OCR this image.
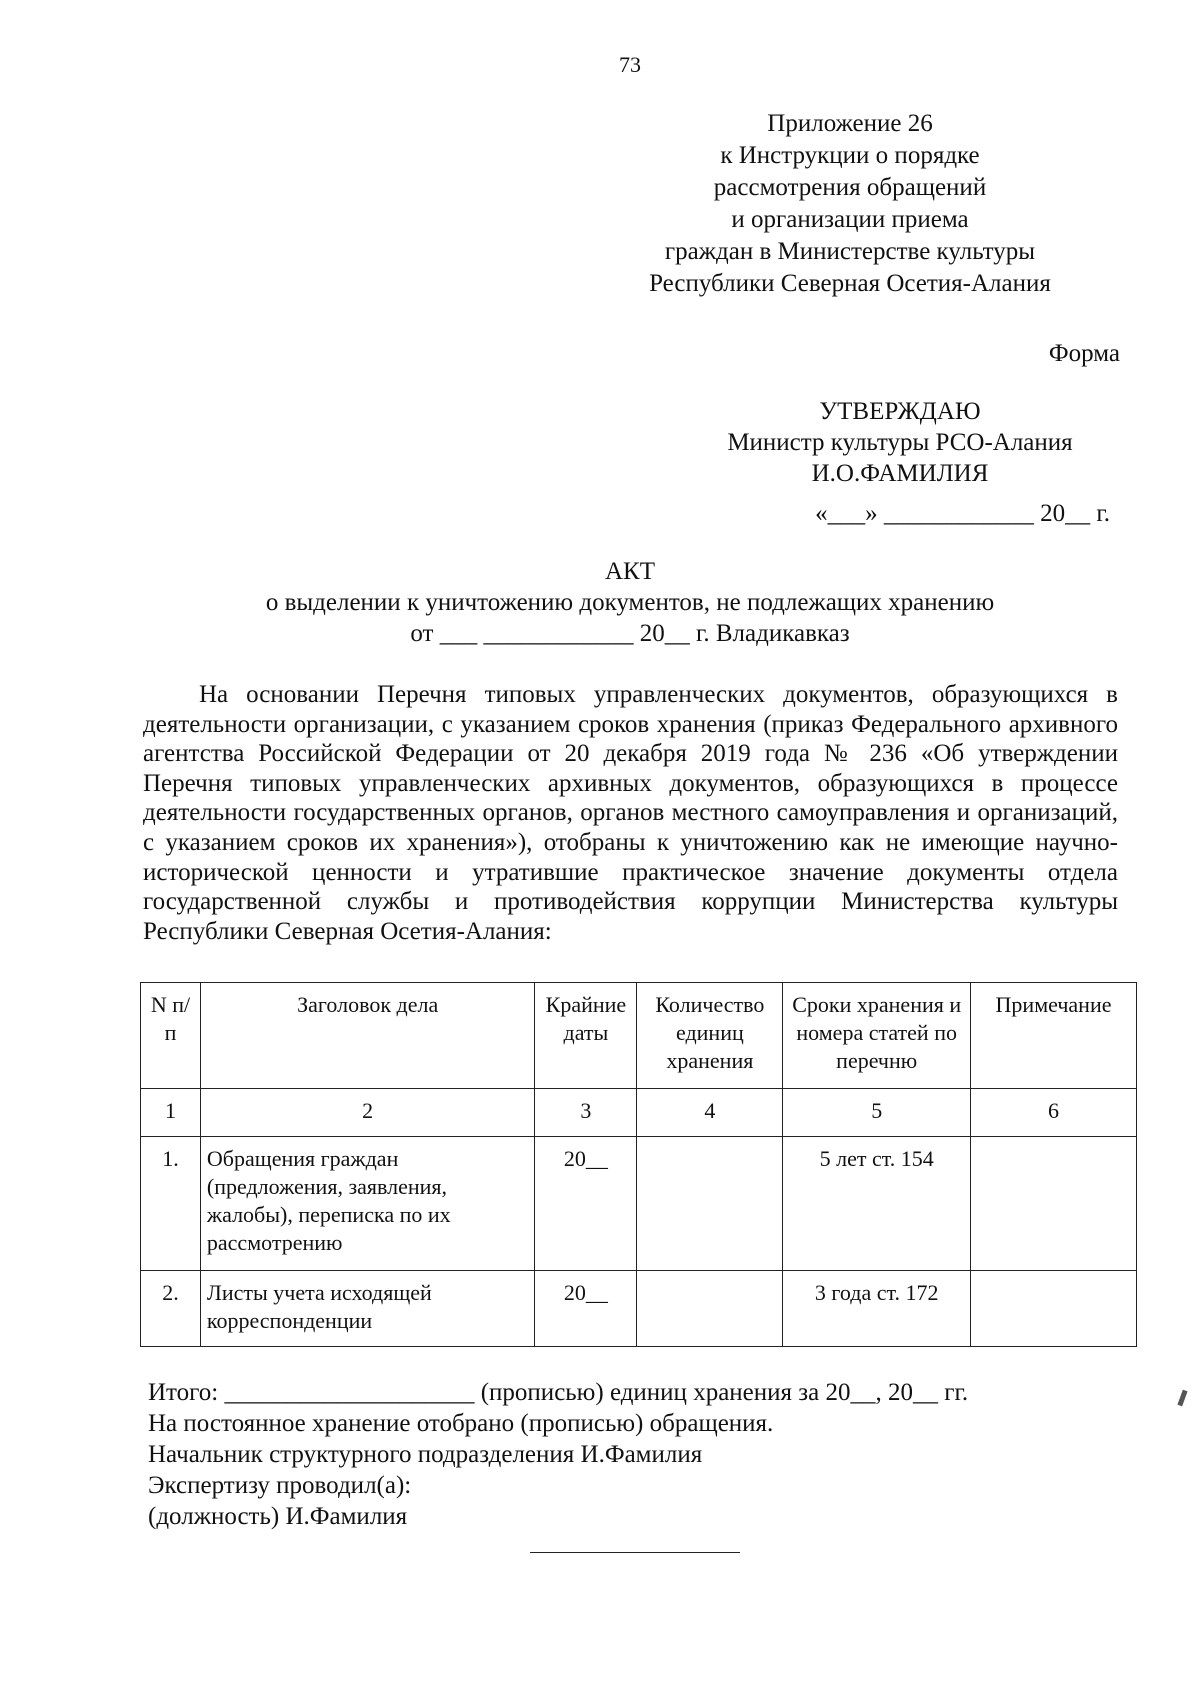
73
Приложение 26
к Инструкции о порядке
рассмотрения обращений
и организации приема
граждан в Министерстве культуры
Республики Северная Осетия-Алания
Форма
УТВЕРЖДАЮ
Министр культуры РСО-Алания
И.О.ФАМИЛИЯ
«___» ____________ 20__ г.
АКТ
о выделении к уничтожению документов, не подлежащих хранению
от ___ ____________ 20__ г. Владикавказ

На основании Перечня типовых управленческих документов, образующихся в деятельности организации, с указанием сроков хранения (приказ Федерального архивного агентства Российской Федерации от 20 декабря 2019 года № 236 «Об утверждении Перечня типовых управленческих архивных документов, образующихся в процессе деятельности государственных органов, органов местного самоуправления и организаций, с указанием сроков их хранения»), отобраны к уничтожению как не имеющие научно-исторической ценности и утратившие практическое значение документы отдела государственной службы и противодействия коррупции Министерства культуры Республики Северная Осетия-Алания:

N п/п	Заголовок дела	Крайние даты	Количество единиц хранения	Сроки хранения и номера статей по перечню	Примечание
1	2	3	4	5	6
1.	Обращения граждан (предложения, заявления, жалобы), переписка по их рассмотрению	20__		5 лет ст. 154	
2.	Листы учета исходящей корреспонденции	20__		3 года ст. 172	
Итого: ____________________ (прописью) единиц хранения за 20__, 20__ гг.
На постоянное хранение отобрано (прописью) обращения.
Начальник структурного подразделения И.Фамилия
Экспертизу проводил(а):
(должность) И.Фамилия
